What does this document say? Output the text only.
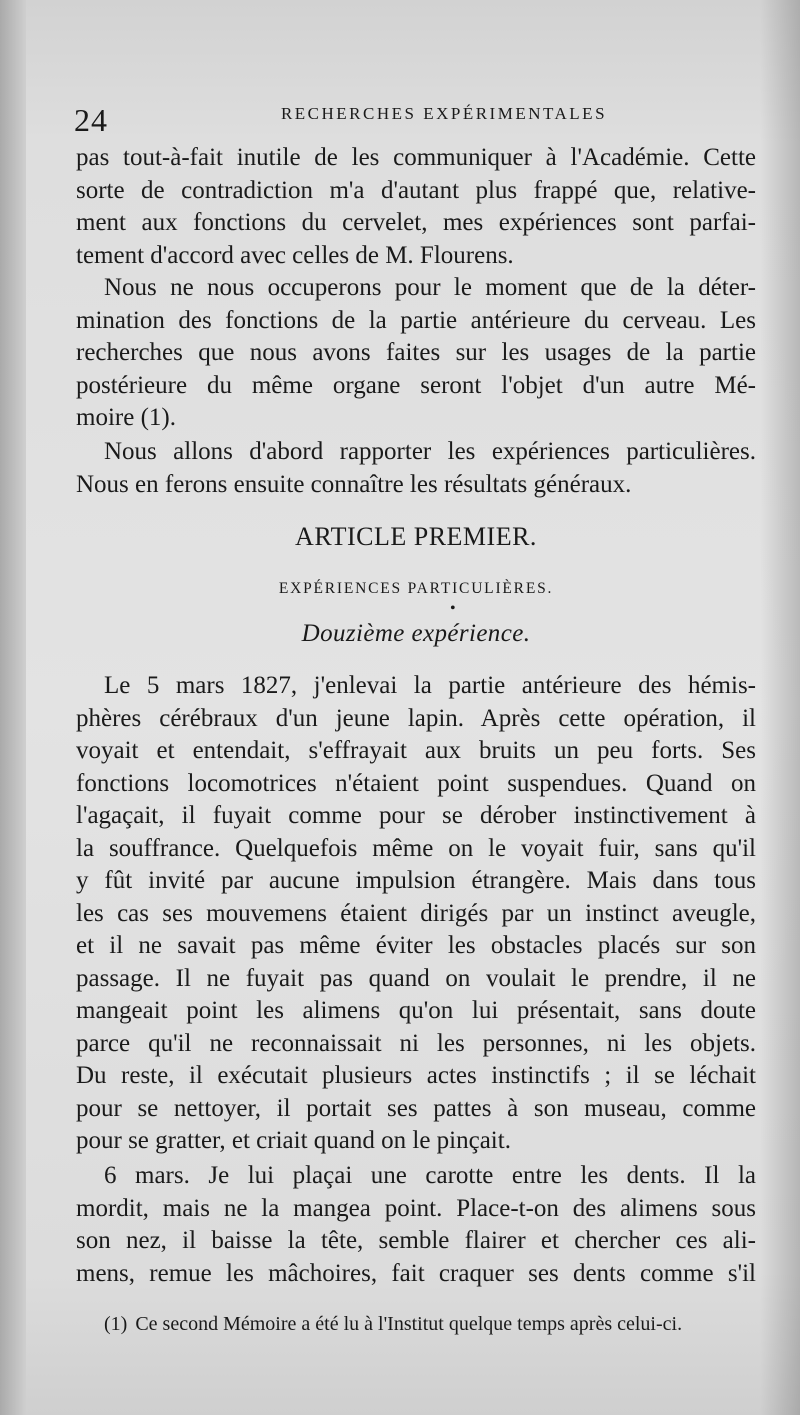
24	RECHERCHES EXPÉRIMENTALES
pas tout-à-fait inutile de les communiquer à l'Académie. Cette
sorte de contradiction m'a d'autant plus frappé que, relative-
ment aux fonctions du cervelet, mes expériences sont parfai-
tement d'accord avec celles de M. Flourens.
Nous ne nous occuperons pour le moment que de la déter-
mination des fonctions de la partie antérieure du cerveau. Les
recherches que nous avons faites sur les usages de la partie
postérieure du même organe seront l'objet d'un autre Mé-
moire (1).
Nous allons d'abord rapporter les expériences particulières.
Nous en ferons ensuite connaître les résultats généraux.
ARTICLE PREMIER.
EXPÉRIENCES PARTICULIÈRES.
•
Douzième expérience.
Le 5 mars 1827, j'enlevai la partie antérieure des hémis-
phères cérébraux d'un jeune lapin. Après cette opération, il
voyait et entendait, s'effrayait aux bruits un peu forts. Ses
fonctions locomotrices n'étaient point suspendues. Quand on
l'agaçait, il fuyait comme pour se dérober instinctivement à
la souffrance. Quelquefois même on le voyait fuir, sans qu'il
y fût invité par aucune impulsion étrangère. Mais dans tous
les cas ses mouvemens étaient dirigés par un instinct aveugle,
et il ne savait pas même éviter les obstacles placés sur son
passage. Il ne fuyait pas quand on voulait le prendre, il ne
mangeait point les alimens qu'on lui présentait, sans doute
parce qu'il ne reconnaissait ni les personnes, ni les objets.
Du reste, il exécutait plusieurs actes instinctifs ; il se léchait
pour se nettoyer, il portait ses pattes à son museau, comme
pour se gratter, et criait quand on le pinçait.
6 mars. Je lui plaçai une carotte entre les dents. Il la
mordit, mais ne la mangea point. Place-t-on des alimens sous
son nez, il baisse la tête, semble flairer et chercher ces ali-
mens, remue les mâchoires, fait craquer ses dents comme s'il
(1) Ce second Mémoire a été lu à l'Institut quelque temps après celui-ci.
